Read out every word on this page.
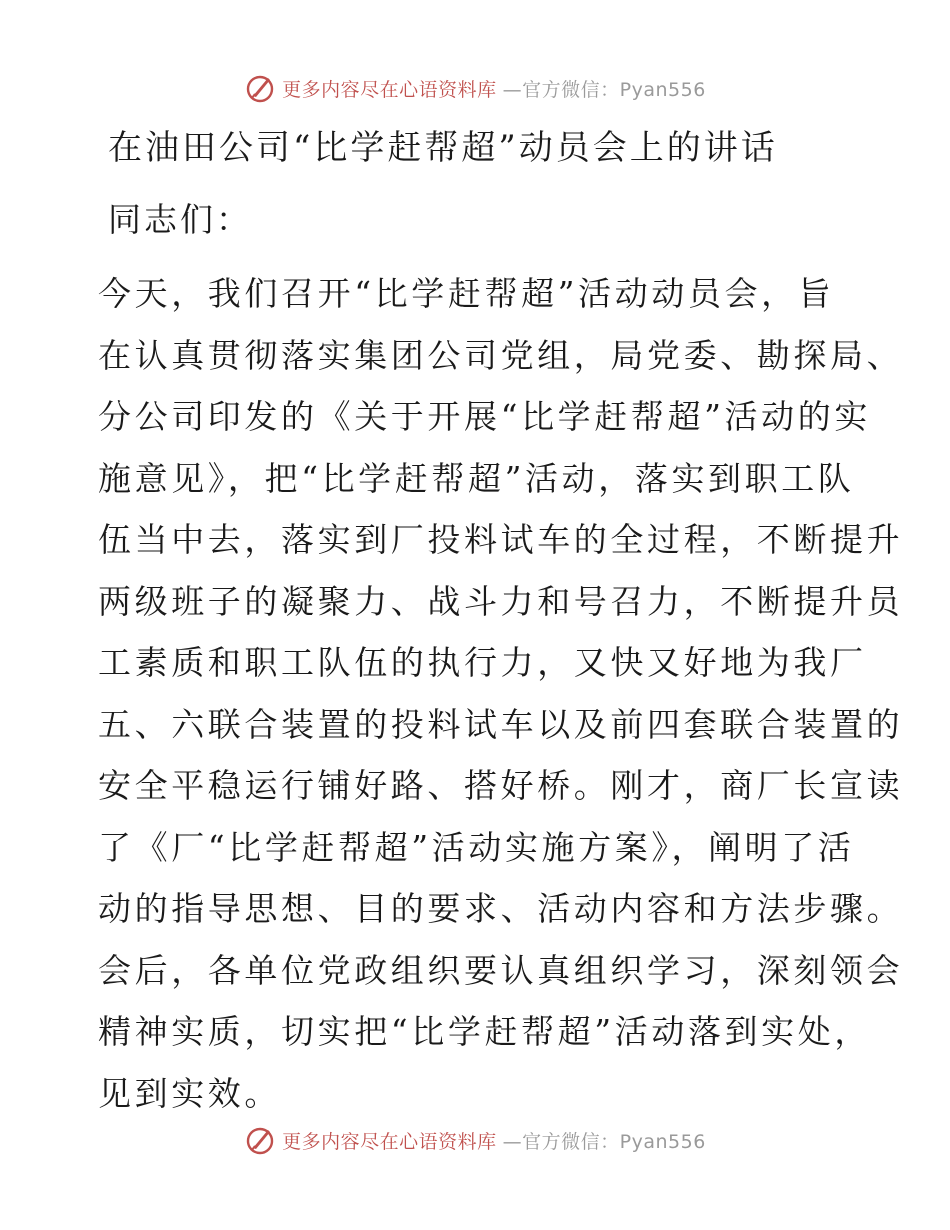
更多内容尽在心语资料库 —官方微信：Pyan556
在油田公司“比学赶帮超”动员会上的讲话

同志们：

今天，我们召开“比学赶帮超”活动动员会，旨
在认真贯彻落实集团公司党组，局党委、勘探局、
分公司印发的《关于开展“比学赶帮超”活动的实
施意见》，把“比学赶帮超”活动，落实到职工队
伍当中去，落实到厂投料试车的全过程，不断提升
两级班子的凝聚力、战斗力和号召力，不断提升员
工素质和职工队伍的执行力，又快又好地为我厂
五、六联合装置的投料试车以及前四套联合装置的
安全平稳运行铺好路、搭好桥。刚才，商厂长宣读
了《厂“比学赶帮超”活动实施方案》，阐明了活
动的指导思想、目的要求、活动内容和方法步骤。
会后，各单位党政组织要认真组织学习，深刻领会
精神实质，切实把“比学赶帮超”活动落到实处，
见到实效。
更多内容尽在心语资料库 —官方微信：Pyan556
